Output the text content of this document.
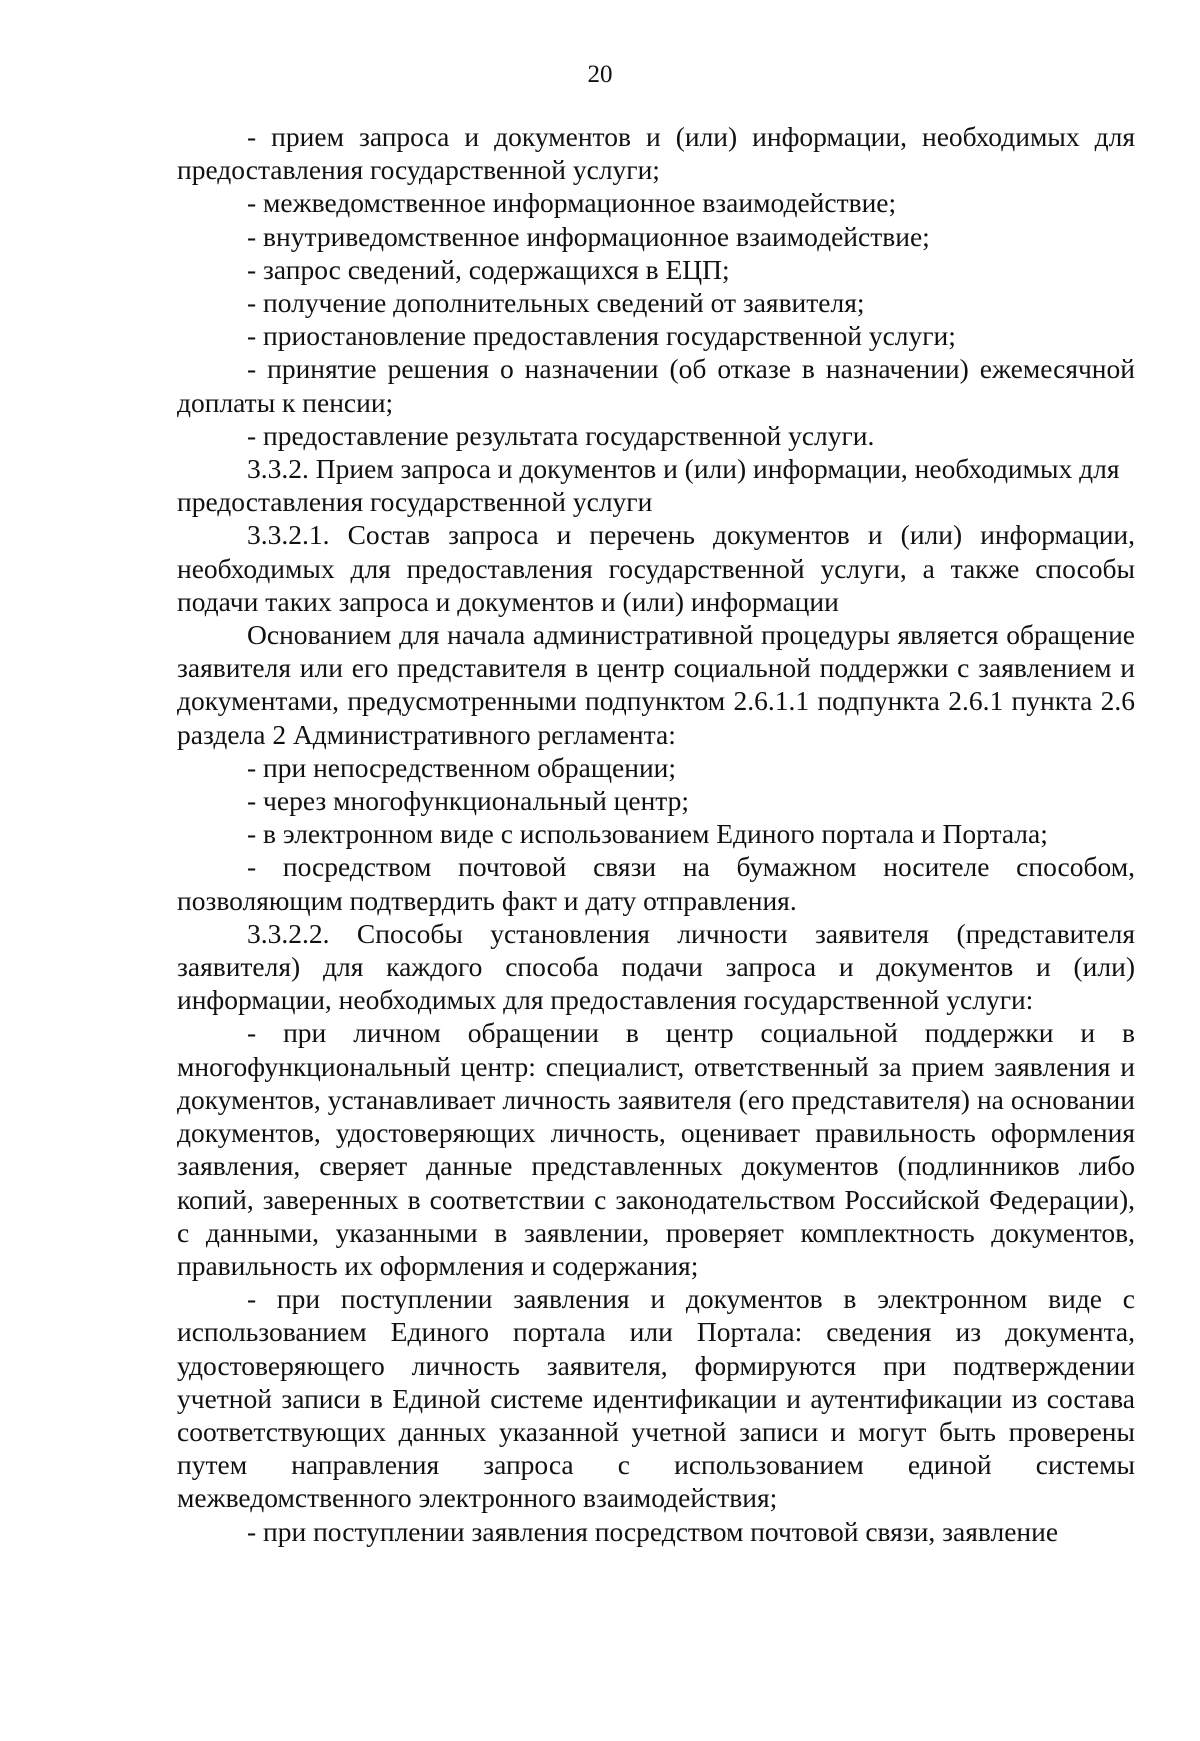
20

- прием запроса и документов и (или) информации, необходимых для предоставления государственной услуги;

- межведомственное информационное взаимодействие;

- внутриведомственное информационное взаимодействие;

- запрос сведений, содержащихся в ЕЦП;

- получение дополнительных сведений от заявителя;

- приостановление предоставления государственной услуги;

- принятие решения о назначении (об отказе в назначении) ежемесячной доплаты к пенсии;

- предоставление результата государственной услуги.

3.3.2. Прием запроса и документов и (или) информации, необходимых для предоставления государственной услуги

3.3.2.1. Состав запроса и перечень документов и (или) информации, необходимых для предоставления государственной услуги, а также способы подачи таких запроса и документов и (или) информации

Основанием для начала административной процедуры является обращение заявителя или его представителя в центр социальной поддержки с заявлением и документами, предусмотренными подпунктом 2.6.1.1 подпункта 2.6.1 пункта 2.6 раздела 2 Административного регламента:

- при непосредственном обращении;

- через многофункциональный центр;

- в электронном виде с использованием Единого портала и Портала;

- посредством почтовой связи на бумажном носителе способом, позволяющим подтвердить факт и дату отправления.

3.3.2.2. Способы установления личности заявителя (представителя заявителя) для каждого способа подачи запроса и документов и (или) информации, необходимых для предоставления государственной услуги:

- при личном обращении в центр социальной поддержки и в многофункциональный центр: специалист, ответственный за прием заявления и документов, устанавливает личность заявителя (его представителя) на основании документов, удостоверяющих личность, оценивает правильность оформления заявления, сверяет данные представленных документов (подлинников либо копий, заверенных в соответствии с законодательством Российской Федерации), с данными, указанными в заявлении, проверяет комплектность документов, правильность их оформления и содержания;

- при поступлении заявления и документов в электронном виде с использованием Единого портала или Портала: сведения из документа, удостоверяющего личность заявителя, формируются при подтверждении учетной записи в Единой системе идентификации и аутентификации из состава соответствующих данных указанной учетной записи и могут быть проверены путем направления запроса с использованием единой системы межведомственного электронного взаимодействия;

- при поступлении заявления посредством почтовой связи, заявление
